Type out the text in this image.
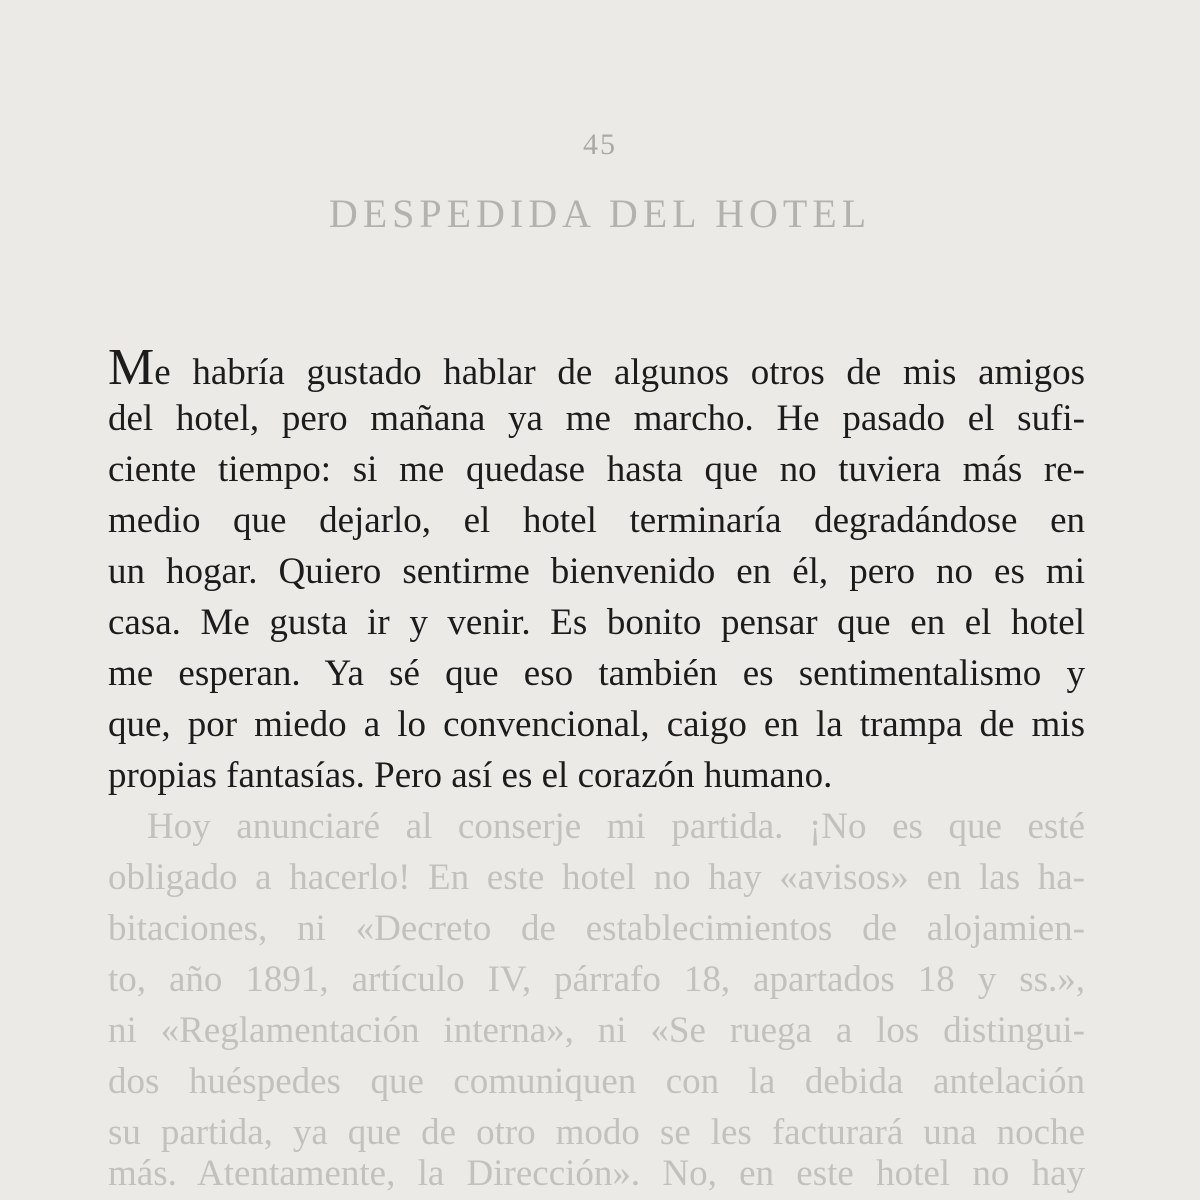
45
DESPEDIDA DEL HOTEL
Me habría gustado hablar de algunos otros de mis amigos
del hotel, pero mañana ya me marcho. He pasado el sufi-
ciente tiempo: si me quedase hasta que no tuviera más re-
medio que dejarlo, el hotel terminaría degradándose en
un hogar. Quiero sentirme bienvenido en él, pero no es mi
casa. Me gusta ir y venir. Es bonito pensar que en el hotel
me esperan. Ya sé que eso también es sentimentalismo y
que, por miedo a lo convencional, caigo en la trampa de mis
propias fantasías. Pero así es el corazón humano.
Hoy anunciaré al conserje mi partida. ¡No es que esté
obligado a hacerlo! En este hotel no hay «avisos» en las ha-
bitaciones, ni «Decreto de establecimientos de alojamien-
to, año 1891, artículo IV, párrafo 18, apartados 18 y ss.»,
ni «Reglamentación interna», ni «Se ruega a los distingui-
dos huéspedes que comuniquen con la debida antelación
su partida, ya que de otro modo se les facturará una noche
más. Atentamente, la Dirección». No, en este hotel no hay
